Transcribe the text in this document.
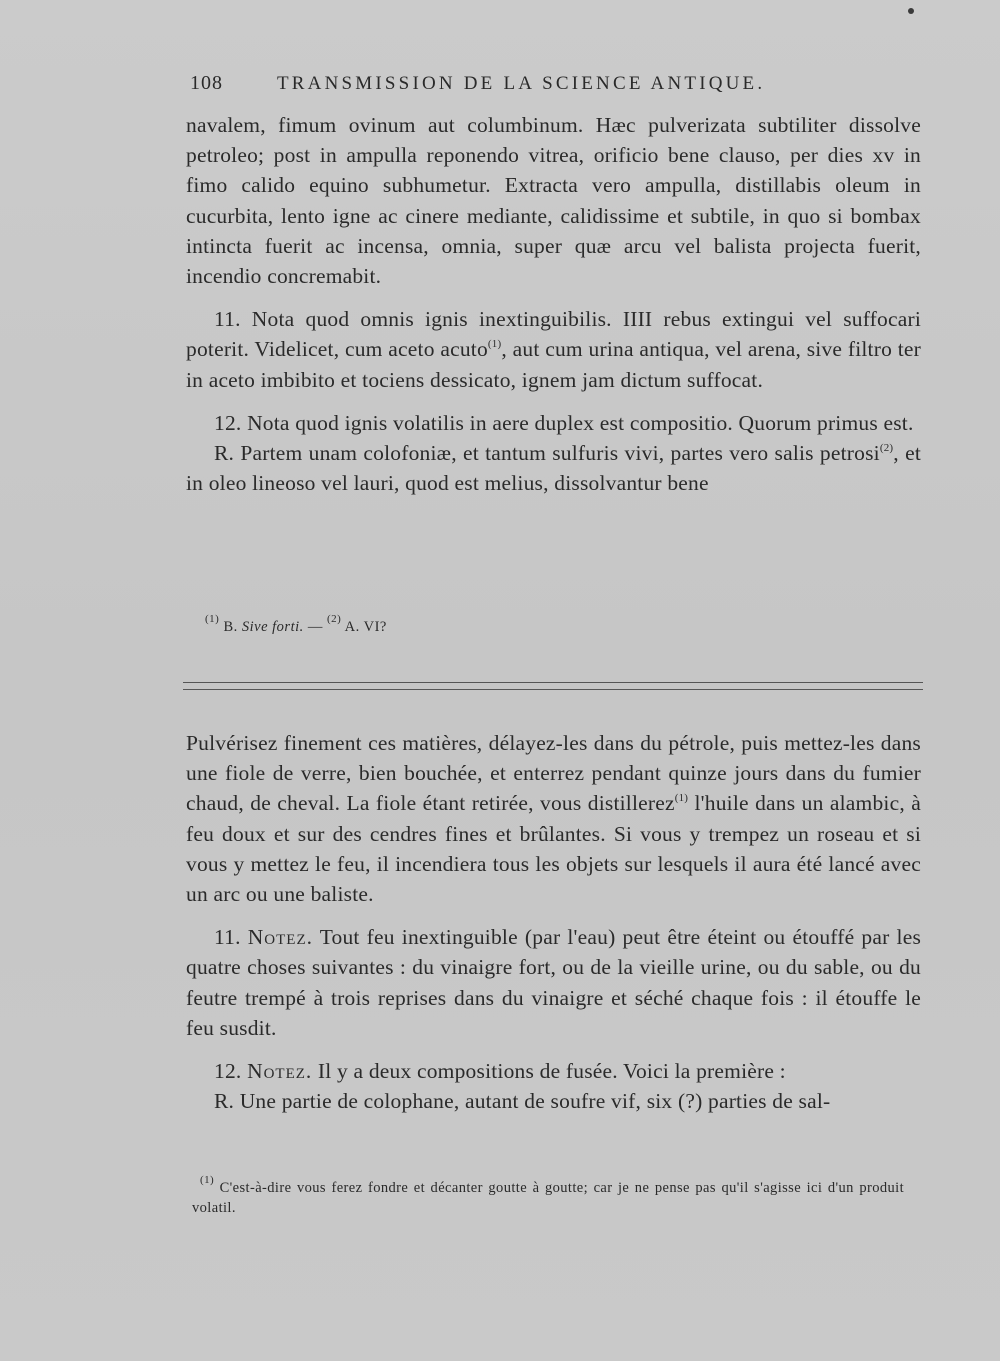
108	TRANSMISSION DE LA SCIENCE ANTIQUE.

navalem, fimum ovinum aut columbinum. Hæc pulverizata subtiliter dissolve petroleo; post in ampulla reponendo vitrea, orificio bene clauso, per dies xv in fimo calido equino subhumetur. Extracta vero ampulla, distillabis oleum in cucurbita, lento igne ac cinere mediante, calidissime et subtile, in quo si bombax intincta fuerit ac incensa, omnia, super quæ arcu vel balista projecta fuerit, incendio concremabit.

11. Nota quod omnis ignis inextinguibilis. IIII rebus extingui vel suffocari poterit. Videlicet, cum aceto acuto$^{(1)}$, aut cum urina antiqua, vel arena, sive filtro ter in aceto imbibito et tociens dessicato, ignem jam dictum suffocat.

12. Nota quod ignis volatilis in aere duplex est compositio. Quorum primus est.

R. Partem unam colofoniæ, et tantum sulfuris vivi, partes vero salis petrosi$^{(2)}$, et in oleo lineoso vel lauri, quod est melius, dissolvantur bene

$^{(1)}$ B. Sive forti. — $^{(2)}$ A. VI?

Pulvérisez finement ces matières, délayez-les dans du pétrole, puis mettez-les dans une fiole de verre, bien bouchée, et enterrez pendant quinze jours dans du fumier chaud, de cheval. La fiole étant retirée, vous distillerez$^{(1)}$ l'huile dans un alambic, à feu doux et sur des cendres fines et brûlantes. Si vous y trempez un roseau et si vous y mettez le feu, il incendiera tous les objets sur lesquels il aura été lancé avec un arc ou une baliste.

11. Notez. Tout feu inextinguible (par l'eau) peut être éteint ou étouffé par les quatre choses suivantes : du vinaigre fort, ou de la vieille urine, ou du sable, ou du feutre trempé à trois reprises dans du vinaigre et séché chaque fois : il étouffe le feu susdit.

12. Notez. Il y a deux compositions de fusée. Voici la première :

R. Une partie de colophane, autant de soufre vif, six (?) parties de sal-

$^{(1)}$ C'est-à-dire vous ferez fondre et décanter goutte à goutte; car je ne pense pas qu'il s'agisse ici d'un produit volatil.
